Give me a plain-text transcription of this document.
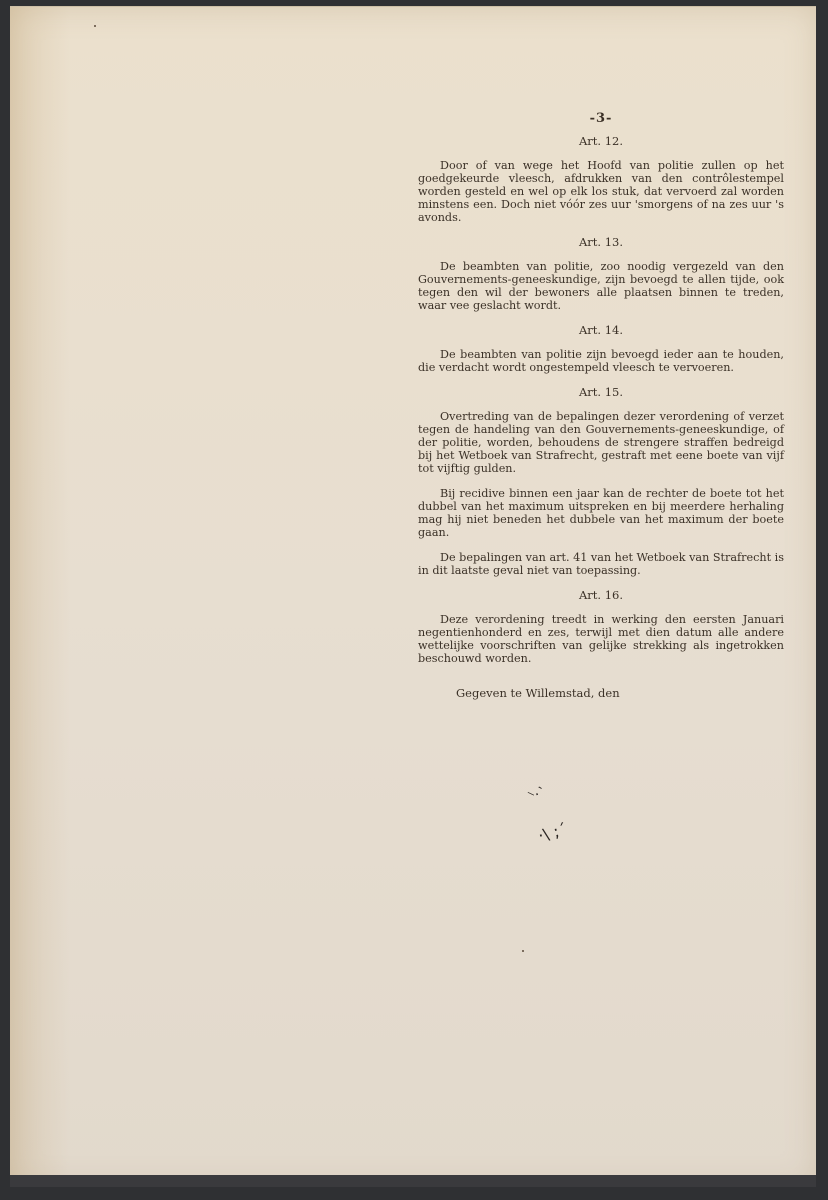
⸌·ˋ
·\ ;ˊ
-3-
Art. 12.

Door of van wege het Hoofd van politie zullen op het goedgekeurde vleesch, afdrukken van den contrôlestempel worden gesteld en wel op elk los stuk, dat vervoerd zal worden minstens een. Doch niet vóór zes uur 'smorgens of na zes uur 's avonds.

Art. 13.

De beambten van politie, zoo noodig vergezeld van den Gouvernements-geneeskundige, zijn bevoegd te allen tijde, ook tegen den wil der bewoners alle plaatsen binnen te treden, waar vee geslacht wordt.

Art. 14.

De beambten van politie zijn bevoegd ieder aan te houden, die verdacht wordt ongestempeld vleesch te vervoeren.

Art. 15.

Overtreding van de bepalingen dezer verordening of verzet tegen de handeling van den Gouvernements-geneeskundige, of der politie, worden, behoudens de strengere straffen bedreigd bij het Wetboek van Strafrecht, gestraft met eene boete van vijf tot vijftig gulden.

Bij recidive binnen een jaar kan de rechter de boete tot het dubbel van het maximum uitspreken en bij meerdere herhaling mag hij niet beneden het dubbele van het maximum der boete gaan.

De bepalingen van art. 41 van het Wetboek van Strafrecht is in dit laatste geval niet van toepassing.

Art. 16.

Deze verordening treedt in werking den eersten Januari negentienhonderd en zes, terwijl met dien datum alle andere wettelijke voorschriften van gelijke strekking als ingetrokken beschouwd worden.

Gegeven te Willemstad, den
